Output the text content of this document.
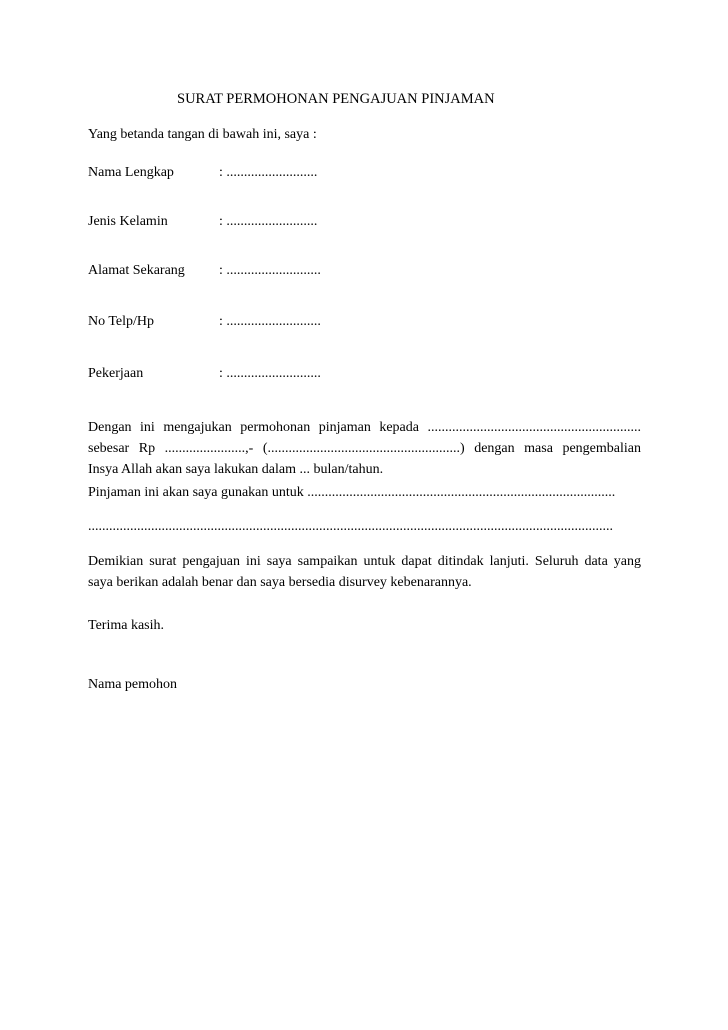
SURAT PERMOHONAN PENGAJUAN PINJAMAN
Yang betanda tangan di bawah ini, saya :
Nama Lengkap	: ..........................
Jenis Kelamin	: ..........................
Alamat Sekarang : ...........................
No Telp/Hp	: ...........................
Pekerjaan	: ...........................
Dengan ini mengajukan permohonan pinjaman kepada .............................................................
sebesar Rp .......................,- (.......................................................) dengan masa pengembalian
Insya Allah akan saya lakukan dalam ... bulan/tahun.
Pinjaman ini akan saya gunakan untuk ........................................................................................
......................................................................................................................................................
Demikian surat pengajuan ini saya sampaikan untuk dapat ditindak lanjuti. Seluruh data yang
saya berikan adalah benar dan saya bersedia disurvey kebenarannya.
Terima kasih.
Nama pemohon
